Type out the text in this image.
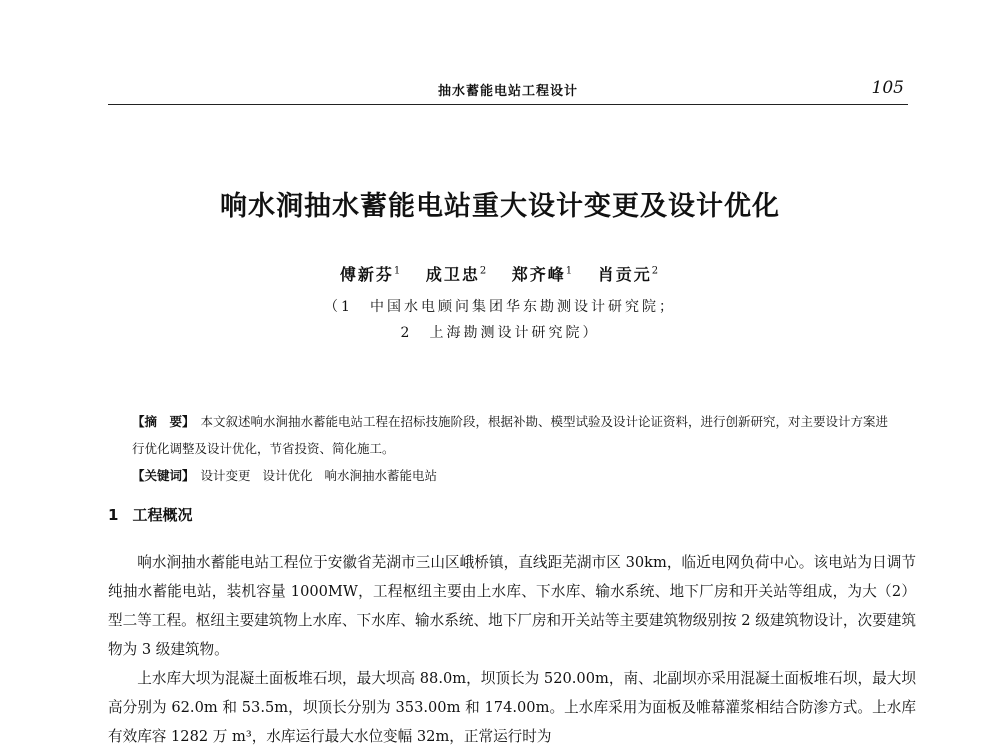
抽水蓄能电站工程设计	105
响水涧抽水蓄能电站重大设计变更及设计优化
傅新芬$^1$ 成卫忠$^2$ 郑齐峰$^1$ 肖贡元$^2$
（1　中国水电顾问集团华东勘测设计研究院；
2　上海勘测设计研究院）
【摘　要】 本文叙述响水涧抽水蓄能电站工程在招标技施阶段，根据补勘、模型试验及设计论证资料，进行创新研究，对主要设计方案进行优化调整及设计优化，节省投资、简化施工。
【关键词】 设计变更 设计优化 响水涧抽水蓄能电站
1 工程概况

响水涧抽水蓄能电站工程位于安徽省芜湖市三山区峨桥镇，直线距芜湖市区 30km，临近电网负荷中心。该电站为日调节纯抽水蓄能电站，装机容量 1000MW，工程枢纽主要由上水库、下水库、输水系统、地下厂房和开关站等组成，为大（2）型二等工程。枢纽主要建筑物上水库、下水库、输水系统、地下厂房和开关站等主要建筑物级别按 2 级建筑物设计，次要建筑物为 3 级建筑物。

上水库大坝为混凝土面板堆石坝，最大坝高 88.0m，坝顶长为 520.00m，南、北副坝亦采用混凝土面板堆石坝，最大坝高分别为 62.0m 和 53.5m，坝顶长分别为 353.00m 和 174.00m。上水库采用为面板及帷幕灌浆相结合防渗方式。上水库有效库容 1282 万 m³，水库运行最大水位变幅 32m，正常运行时为
